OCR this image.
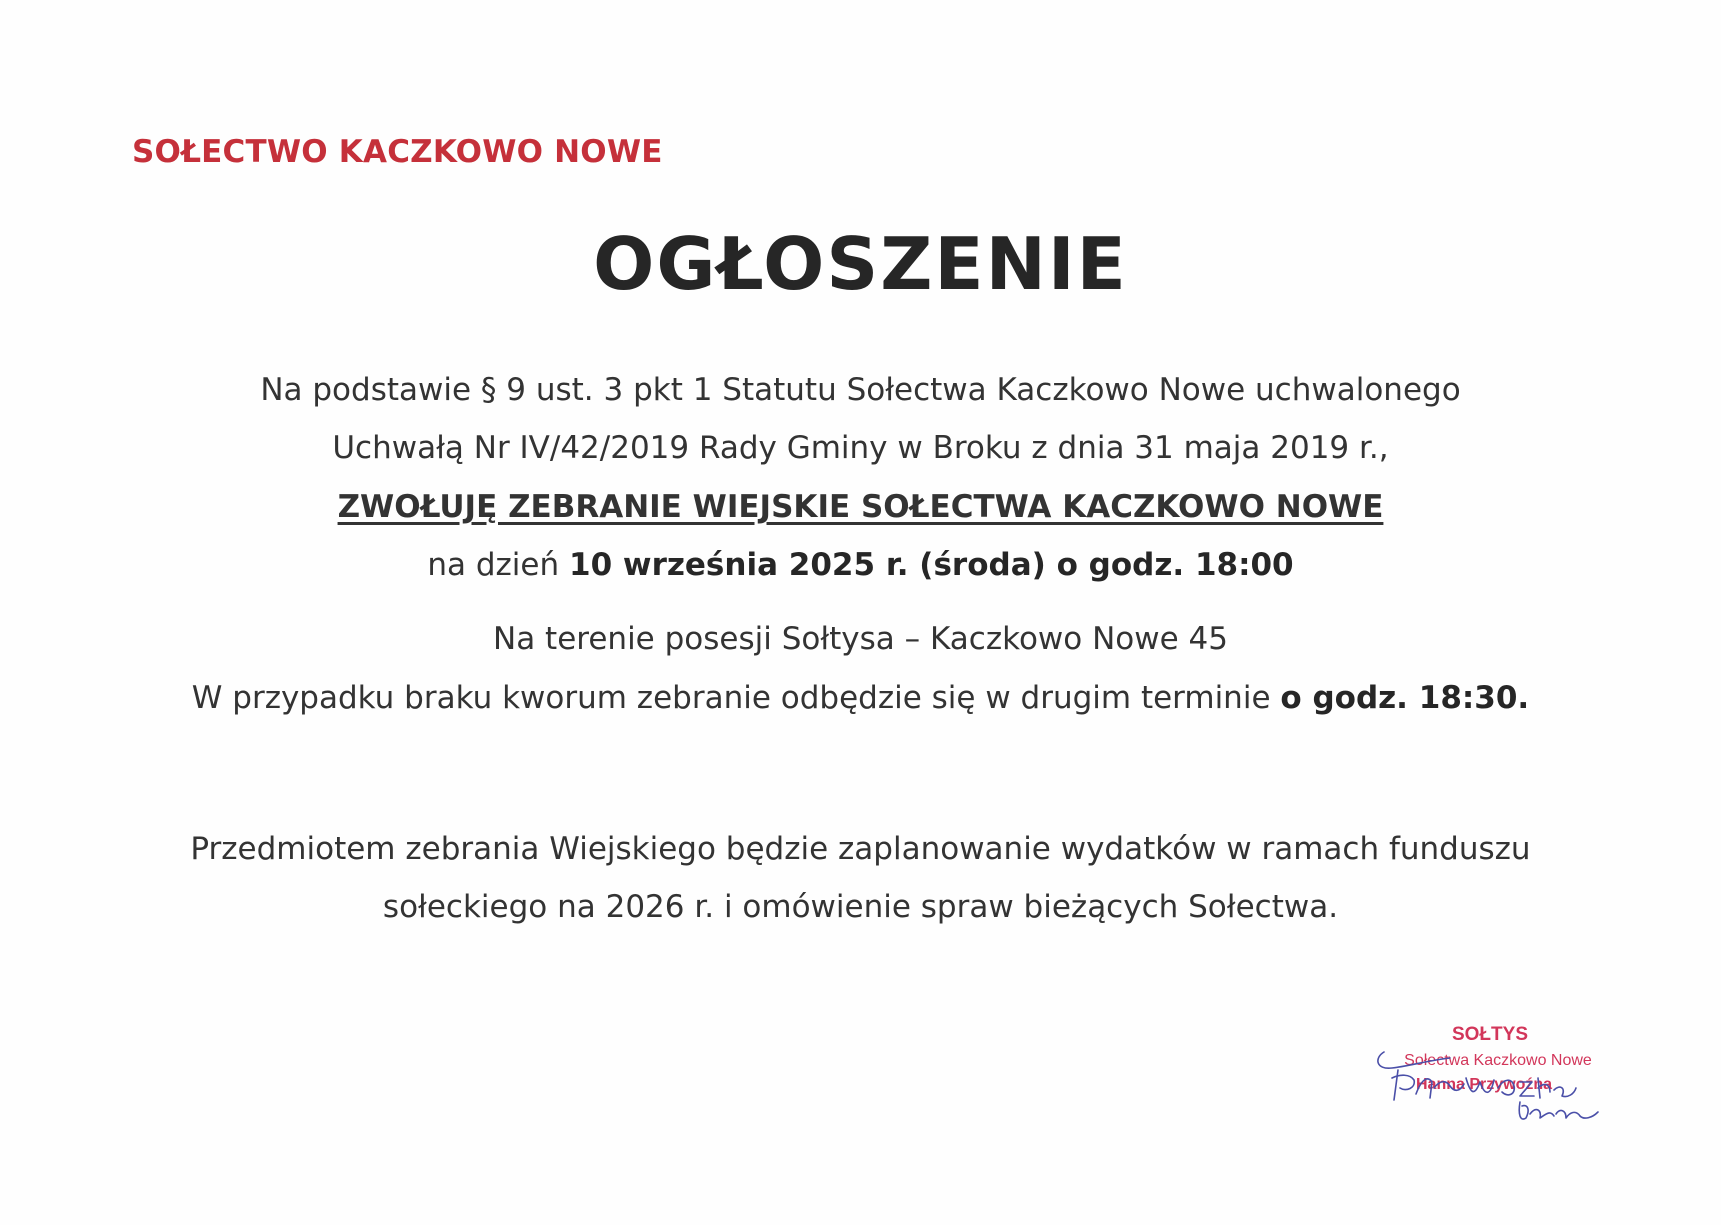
SOŁECTWO KACZKOWO NOWE
OGŁOSZENIE
Na podstawie § 9 ust. 3 pkt 1 Statutu Sołectwa Kaczkowo Nowe uchwalonego
Uchwałą Nr IV/42/2019 Rady Gminy w Broku z dnia 31 maja 2019 r.,
ZWOŁUJĘ ZEBRANIE WIEJSKIE SOŁECTWA KACZKOWO NOWE
na dzień 10 września 2025 r. (środa) o godz. 18:00
Na terenie posesji Sołtysa – Kaczkowo Nowe 45
W przypadku braku kworum zebranie odbędzie się w drugim terminie o godz. 18:30.
Przedmiotem zebrania Wiejskiego będzie zaplanowanie wydatków w ramach funduszu
sołeckiego na 2026 r. i omówienie spraw bieżących Sołectwa.
SOŁTYS
Sołectwa Kaczkowo Nowe
Hanna Przywoźna
